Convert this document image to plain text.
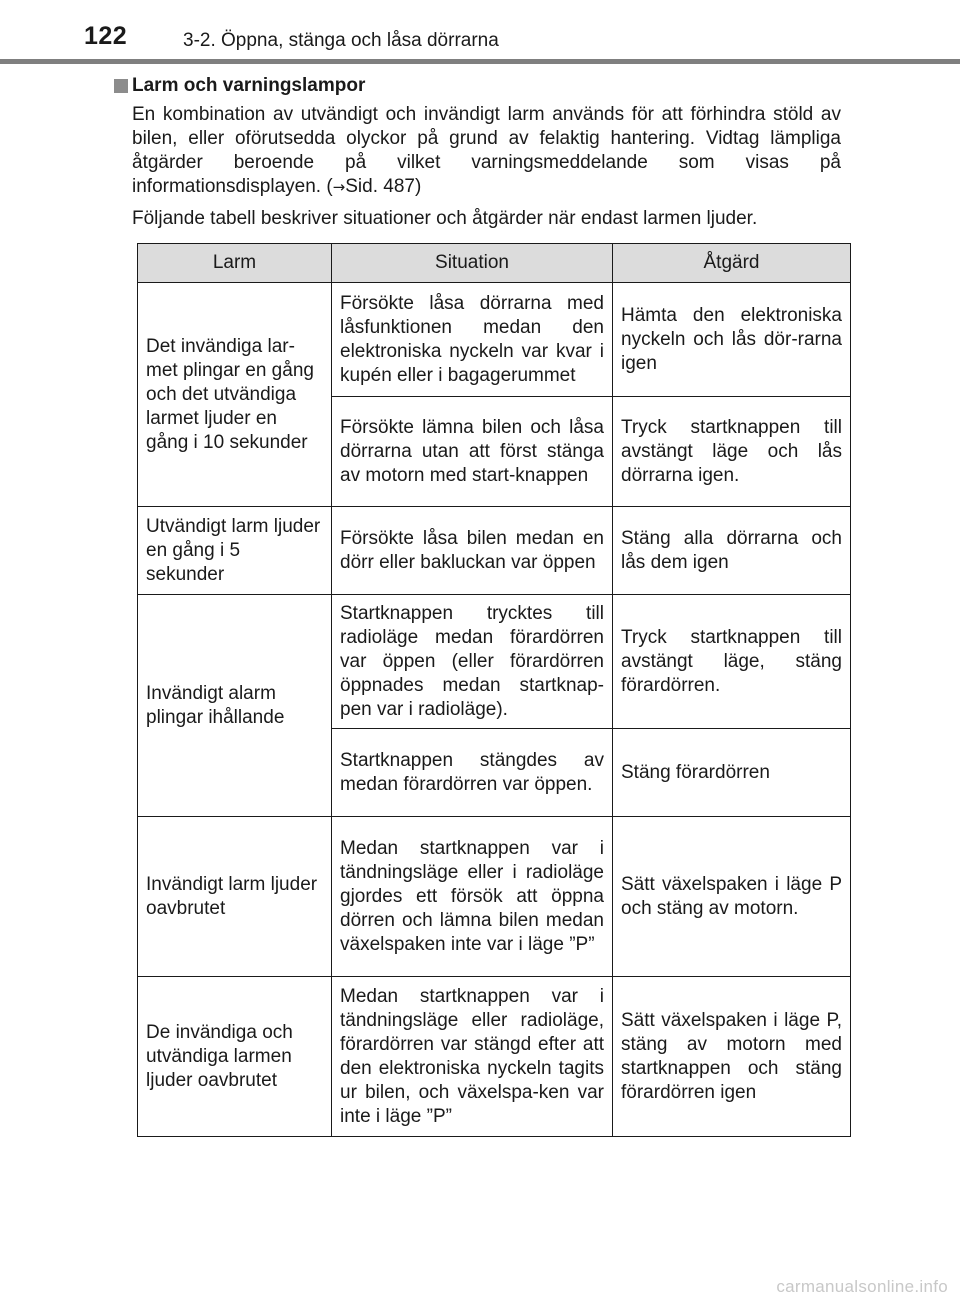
122	3-2. Öppna, stänga och låsa dörrarna
Larm och varningslampor

En kombination av utvändigt och invändigt larm används för att förhindra stöld av bilen, eller oförutsedda olyckor på grund av felaktig hantering. Vidtag lämpliga åtgärder beroende på vilket varningsmeddelande som visas på informationsdisplayen. (→Sid. 487)

Följande tabell beskriver situationer och åtgärder när endast larmen ljuder.

Larm	Situation	Åtgärd
Det invändiga lar-met plingar en gång och det utvändiga larmet ljuder en gång i 10 sekunder	Försökte låsa dörrarna med låsfunktionen medan den elektroniska nyckeln var kvar i kupén eller i bagagerummet	Hämta den elektroniska nyckeln och lås dör-rarna igen
	Försökte lämna bilen och låsa dörrarna utan att först stänga av motorn med start-knappen	Tryck startknappen till avstängt läge och lås dörrarna igen.
Utvändigt larm ljuder en gång i 5 sekunder	Försökte låsa bilen medan en dörr eller bakluckan var öppen	Stäng alla dörrarna och lås dem igen
Invändigt alarm plingar ihållande	Startknappen trycktes till radioläge medan förardörren var öppen (eller förardörren öppnades medan startknap-pen var i radioläge).	Tryck startknappen till avstängt läge, stäng förardörren.
	Startknappen stängdes av medan förardörren var öppen.	Stäng förardörren
Invändigt larm ljuder oavbrutet	Medan startknappen var i tändningsläge eller i radioläge gjordes ett försök att öppna dörren och lämna bilen medan växelspaken inte var i läge ”P”	Sätt växelspaken i läge P och stäng av motorn.
De invändiga och utvändiga larmen ljuder oavbrutet	Medan startknappen var i tändningsläge eller radioläge, förardörren var stängd efter att den elektroniska nyckeln tagits ur bilen, och växelspa-ken var inte i läge ”P”	Sätt växelspaken i läge P, stäng av motorn med startknappen och stäng förardörren igen
carmanualsonline.info
